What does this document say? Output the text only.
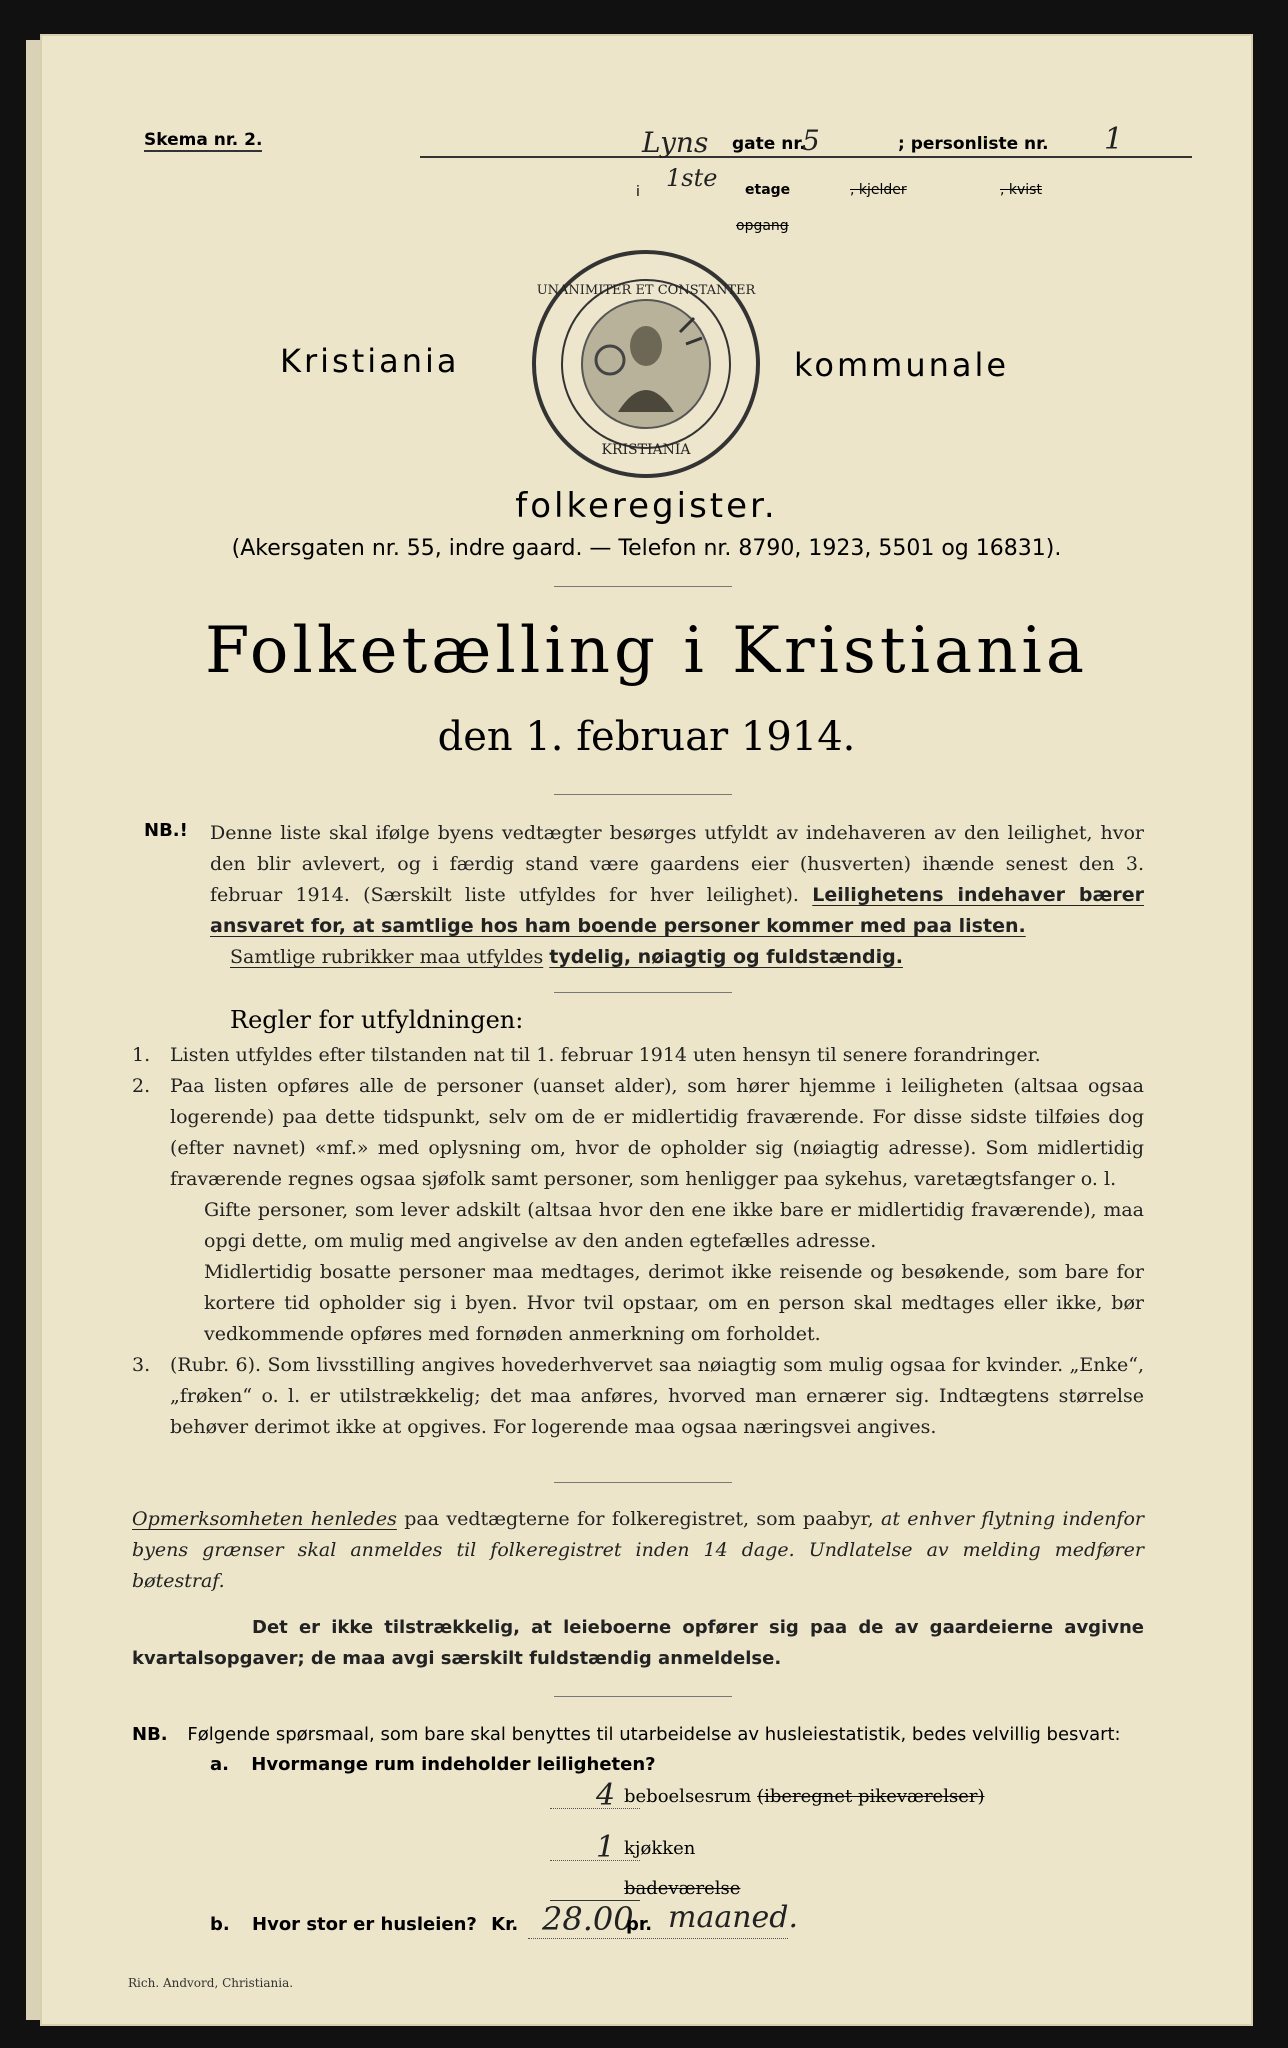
Skema nr. 2.	Lyns gate nr.
5	; personliste nr. 1
i 1ste etage	, kjelder	, kvist
opgang
Kristiania	kommunale
UNANIMITER ET CONSTANTER
KRISTIANIA
folkeregister.
(Akersgaten nr. 55, indre gaard. — Telefon nr. 8790, 1923, 5501 og 16831).
Folketælling i Kristiania
den 1. februar 1914.
NB.! Denne liste skal ifølge byens vedtægter besørges utfyldt av indehaveren av den leilighet, hvor den blir avlevert, og i færdig stand være gaardens eier (husverten) ihænde senest den 3. februar 1914. (Særskilt liste utfyldes for hver leilighet). Leilighetens indehaver bærer ansvaret for, at samtlige hos ham boende personer kommer med paa listen.
Samtlige rubrikker maa utfyldes tydelig, nøiagtig og fuldstændig.
Regler for utfyldningen:
1.	Listen utfyldes efter tilstanden nat til 1. februar 1914 uten hensyn til senere forandringer.
2.	Paa listen opføres alle de personer (uanset alder), som hører hjemme i leiligheten (altsaa ogsaa logerende) paa dette tidspunkt, selv om de er midlertidig fraværende. For disse sidste tilføies dog (efter navnet) «mf.» med oplysning om, hvor de opholder sig (nøiagtig adresse). Som midlertidig fraværende regnes ogsaa sjøfolk samt personer, som henligger paa sykehus, varetægtsfanger o. l.
Gifte personer, som lever adskilt (altsaa hvor den ene ikke bare er midlertidig fraværende), maa opgi dette, om mulig med angivelse av den anden egtefælles adresse.
Midlertidig bosatte personer maa medtages, derimot ikke reisende og besøkende, som bare for kortere tid opholder sig i byen. Hvor tvil opstaar, om en person skal medtages eller ikke, bør vedkommende opføres med fornøden anmerkning om forholdet.
3.	(Rubr. 6). Som livsstilling angives hovederhvervet saa nøiagtig som mulig ogsaa for kvinder. „Enke“, „frøken“ o. l. er utilstrækkelig; det maa anføres, hvorved man ernærer sig. Indtægtens størrelse behøver derimot ikke at opgives. For logerende maa ogsaa næringsvei angives.
Opmerksomheten henledes paa vedtægterne for folkeregistret, som paabyr, at enhver flytning indenfor byens grænser skal anmeldes til folkeregistret inden 14 dage. Undlatelse av melding medfører bøtestraf.
Det er ikke tilstrækkelig, at leieboerne opfører sig paa de av gaardeierne avgivne kvartalsopgaver; de maa avgi særskilt fuldstændig anmeldelse.
NB. Følgende spørsmaal, som bare skal benyttes til utarbeidelse av husleiestatistik, bedes velvillig besvart:
a. Hvormange rum indeholder leiligheten?
4 beboelsesrum (iberegnet pikeværelser)
1 kjøkken
badeværelse
b. Hvor stor er husleien? Kr. 28.00
pr. maaned.
Rich. Andvord, Christiania.
